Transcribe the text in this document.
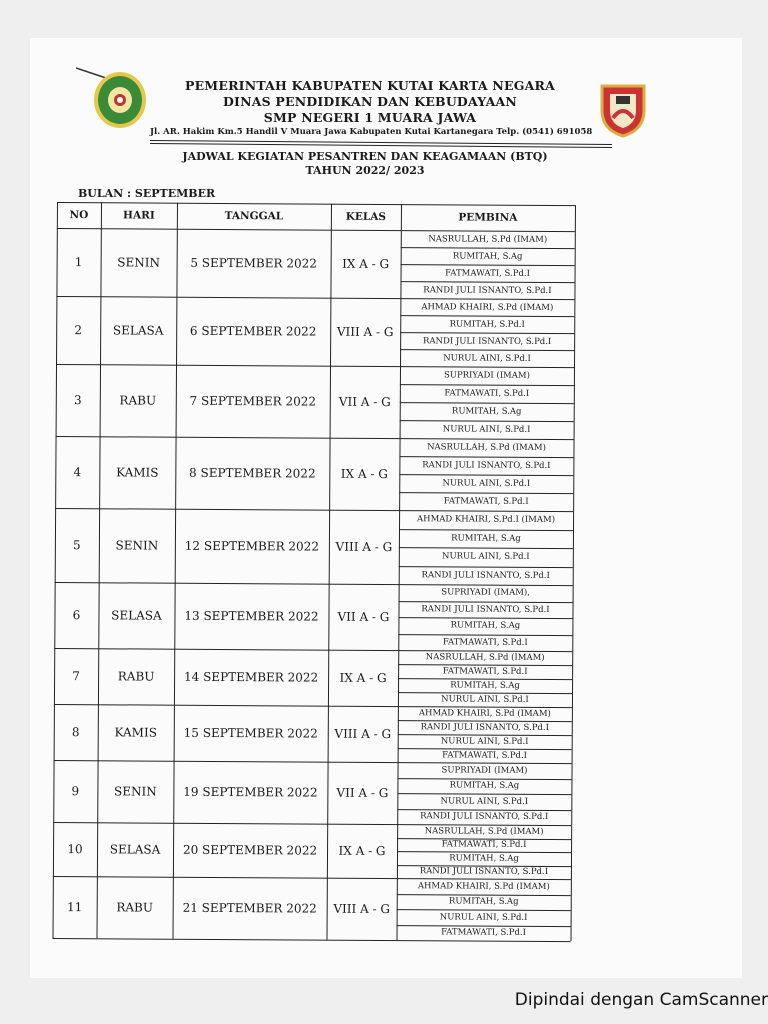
PEMERINTAH KABUPATEN KUTAI KARTA NEGARA
DINAS PENDIDIKAN DAN KEBUDAYAAN
SMP NEGERI 1 MUARA JAWA
Jl. AR. Hakim Km.5 Handil V Muara Jawa Kabupaten Kutai Kartanegara Telp. (0541) 691058
JADWAL KEGIATAN PESANTREN DAN KEAGAMAAN (BTQ)
TAHUN 2022/ 2023
BULAN : SEPTEMBER
NO	HARI	TANGGAL	KELAS	PEMBINA
1	SENIN	5 SEPTEMBER 2022	IX A - G
NASRULLAH, S.Pd (IMAM)
RUMITAH, S.Ag
FATMAWATI, S.Pd.I
RANDI JULI ISNANTO, S.Pd.I
2	SELASA	6 SEPTEMBER 2022	VIII A - G
AHMAD KHAIRI, S.Pd (IMAM)
RUMITAH, S.Pd.I
RANDI JULI ISNANTO, S.Pd.I
NURUL AINI, S.Pd.I
3	RABU	7 SEPTEMBER 2022	VII A - G
SUPRIYADI (IMAM)
FATMAWATI, S.Pd.I
RUMITAH, S.Ag
NURUL AINI, S.Pd.I
4	KAMIS	8 SEPTEMBER 2022	IX A - G
NASRULLAH, S.Pd (IMAM)
RANDI JULI ISNANTO, S.Pd.I
NURUL AINI, S.Pd.I
FATMAWATI, S.Pd.I
5	SENIN	12 SEPTEMBER 2022	VIII A - G
AHMAD KHAIRI, S.Pd.I (IMAM)
RUMITAH, S.Ag
NURUL AINI, S.Pd.I
RANDI JULI ISNANTO, S.Pd.I
6	SELASA	13 SEPTEMBER 2022	VII A - G
SUPRIYADI (IMAM),
RANDI JULI ISNANTO, S.Pd.I
RUMITAH, S.Ag
FATMAWATI, S.Pd.I
7	RABU	14 SEPTEMBER 2022	IX A - G
NASRULLAH, S.Pd (IMAM)
FATMAWATI, S.Pd.I
RUMITAH, S.Ag
NURUL AINI, S.Pd.I
8	KAMIS	15 SEPTEMBER 2022	VIII A - G
AHMAD KHAIRI, S.Pd (IMAM)
RANDI JULI ISNANTO, S.Pd.I
NURUL AINI, S.Pd.I
FATMAWATI, S.Pd.I
9	SENIN	19 SEPTEMBER 2022	VII A - G
SUPRIYADI (IMAM)
RUMITAH, S.Ag
NURUL AINI, S.Pd.I
RANDI JULI ISNANTO, S.Pd.I
10	SELASA	20 SEPTEMBER 2022	IX A - G
NASRULLAH, S.Pd (IMAM)
FATMAWATI, S.Pd.I
RUMITAH, S.Ag
RANDI JULI ISNANTO, S.Pd.I
11	RABU	21 SEPTEMBER 2022	VIII A - G
AHMAD KHAIRI, S.Pd (IMAM)
RUMITAH, S.Ag
NURUL AINI, S.Pd.I
FATMAWATI, S.Pd.I
Dipindai dengan CamScanner
